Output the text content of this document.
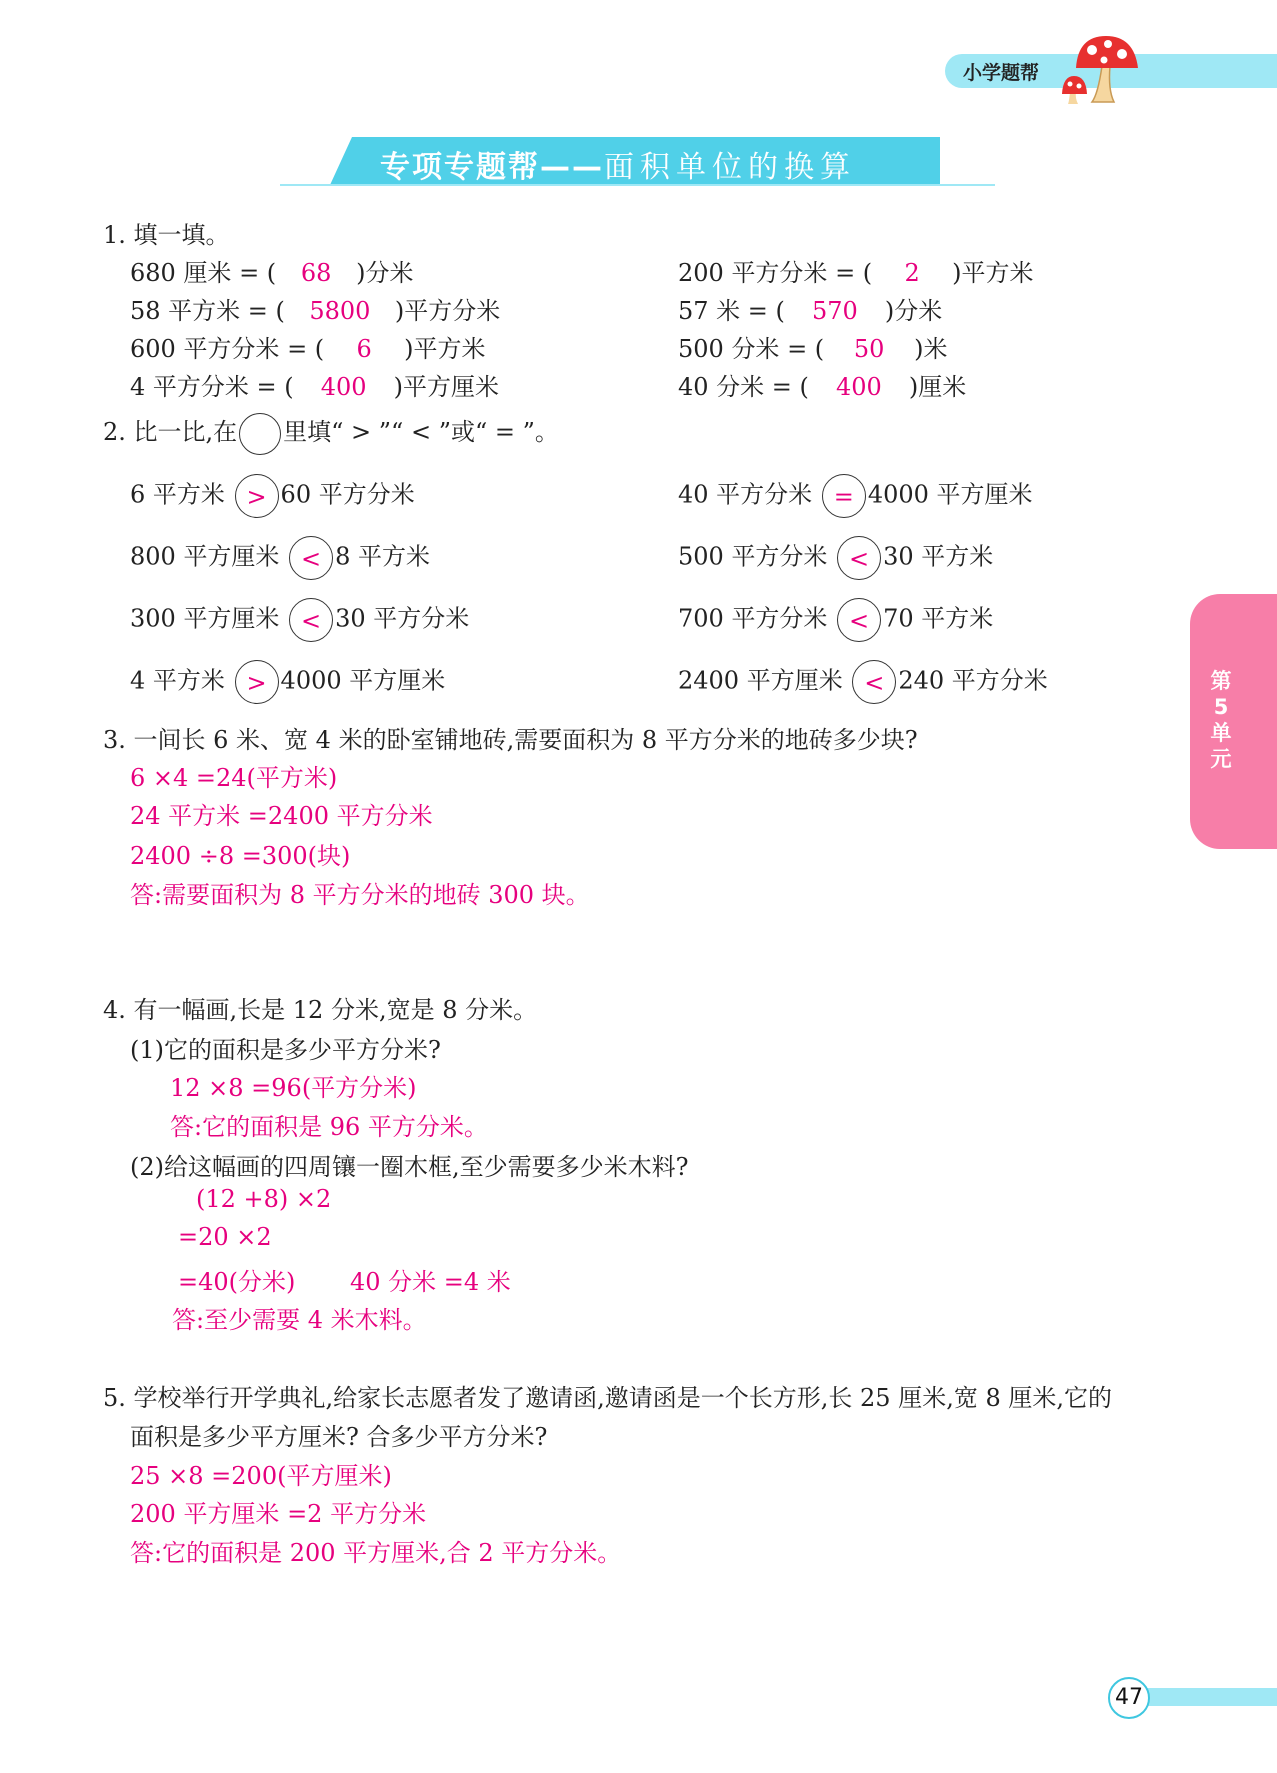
小学题帮
专项专题帮——面积单位的换算
第5单元
1. 填一填。
680 厘米 = ( 68 )分米	200 平方分米 = ( 2 )平方米
58 平方米 = ( 5800 )平方分米	57 米 = ( 570 )分米
600 平方分米 = ( 6 )平方米	500 分米 = ( 50 )米
4 平方分米 = ( 400 )平方厘米	40 分米 = ( 400 )厘米
2. 比一比,在 里填“ > ”“ < ”或“ = ”。
6 平方米 > 60 平方分米	40 平方分米 = 4000 平方厘米
800 平方厘米 < 8 平方米	500 平方分米 < 30 平方米
300 平方厘米 < 30 平方分米	700 平方分米 < 70 平方米
4 平方米 > 4000 平方厘米	2400 平方厘米 < 240 平方分米
3. 一间长 6 米、宽 4 米的卧室铺地砖,需要面积为 8 平方分米的地砖多少块?
6 ×4 =24(平方米)
24 平方米 =2400 平方分米
2400 ÷8 =300(块)
答:需要面积为 8 平方分米的地砖 300 块。
4. 有一幅画,长是 12 分米,宽是 8 分米。
(1)它的面积是多少平方分米?
12 ×8 =96(平方分米)
答:它的面积是 96 平方分米。
(2)给这幅画的四周镶一圈木框,至少需要多少米木料?
(12 +8) ×2
=20 ×2
=40(分米) 40 分米 =4 米
答:至少需要 4 米木料。
5. 学校举行开学典礼,给家长志愿者发了邀请函,邀请函是一个长方形,长 25 厘米,宽 8 厘米,它的
面积是多少平方厘米? 合多少平方分米?
25 ×8 =200(平方厘米)
200 平方厘米 =2 平方分米
答:它的面积是 200 平方厘米,合 2 平方分米。
47
